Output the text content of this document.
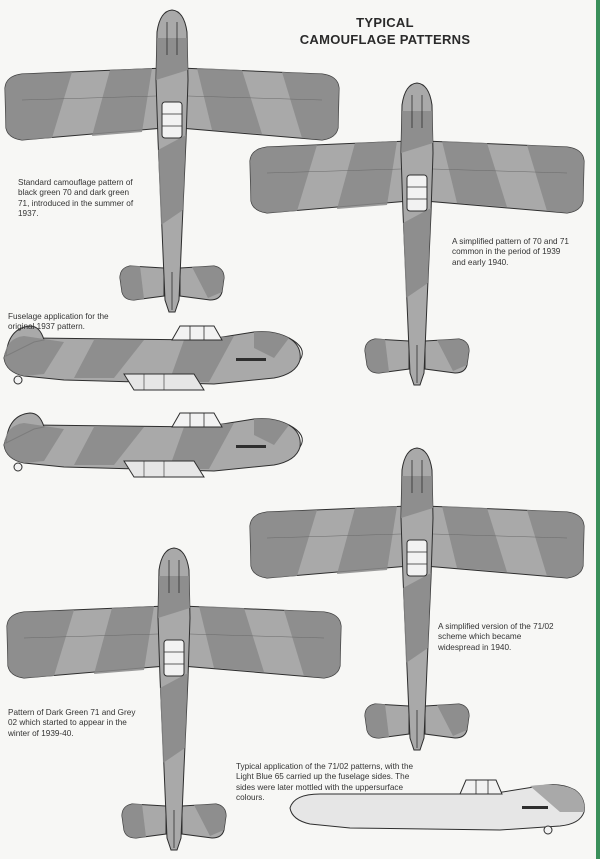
TYPICAL
CAMOUFLAGE PATTERNS
Standard camouflage pattern of black green 70 and dark green 71, introduced in the summer of 1937.
A simplified pattern of 70 and 71 common in the period of 1939 and early 1940.
Fuselage application for the original 1937 pattern.
A simplified version of the 71/02 scheme which became widespread in 1940.
Pattern of Dark Green 71 and Grey 02 which started to appear in the winter of 1939-40.
Typical application of the 71/02 patterns, with the Light Blue 65 carried up the fuselage sides. The sides were later mottled with the uppersurface colours.
